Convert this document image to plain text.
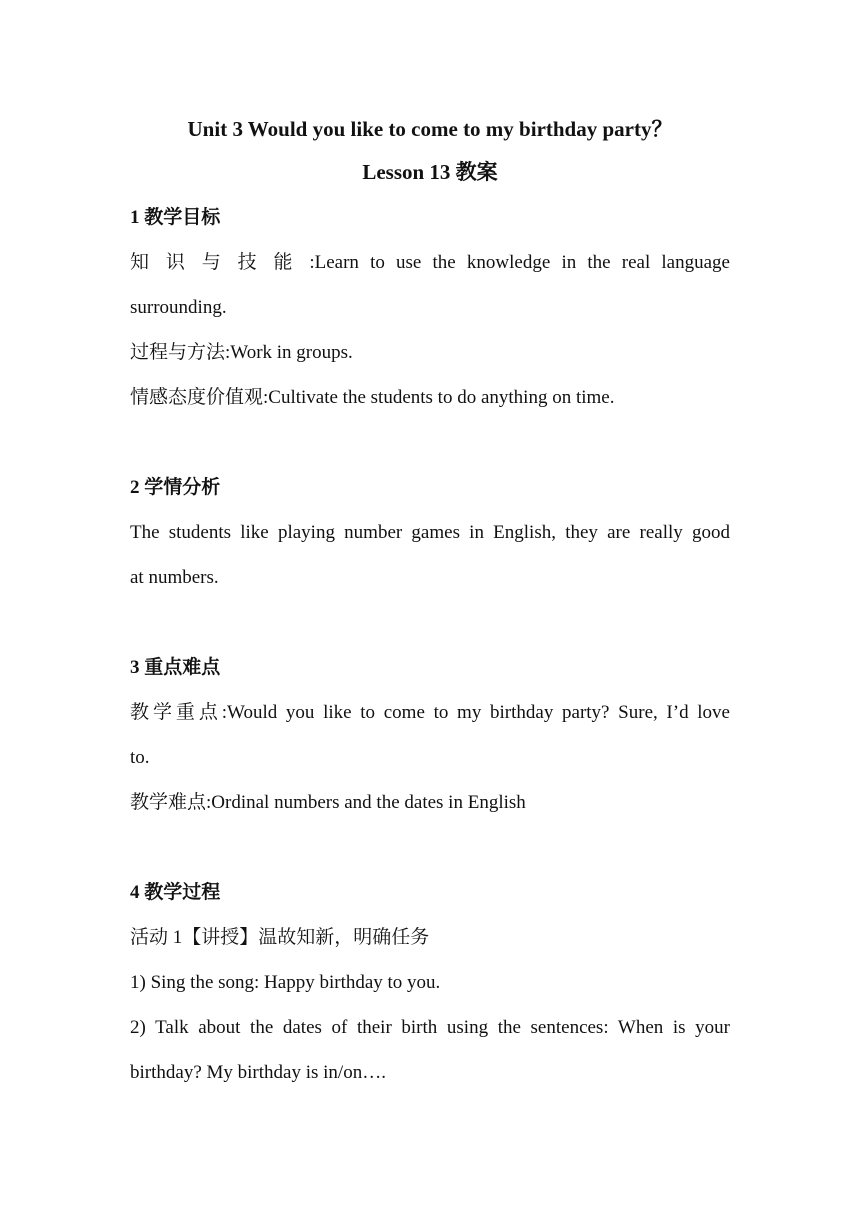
Unit 3 Would you like to come to my birthday party？
Lesson 13 教案
1 教学目标
知识与技能:Learn to use the knowledge in the real language
surrounding.
过程与方法:Work in groups.
情感态度价值观:Cultivate the students to do anything on time.
2 学情分析
The students like playing number games in English, they are really good
at numbers.
3 重点难点
教学重点:Would you like to come to my birthday party? Sure, I’d love
to.
教学难点:Ordinal numbers and the dates in English
4 教学过程
活动 1【讲授】温故知新，明确任务
1) Sing the song: Happy birthday to you.
2) Talk about the dates of their birth using the sentences: When is your
birthday? My birthday is in/on….
